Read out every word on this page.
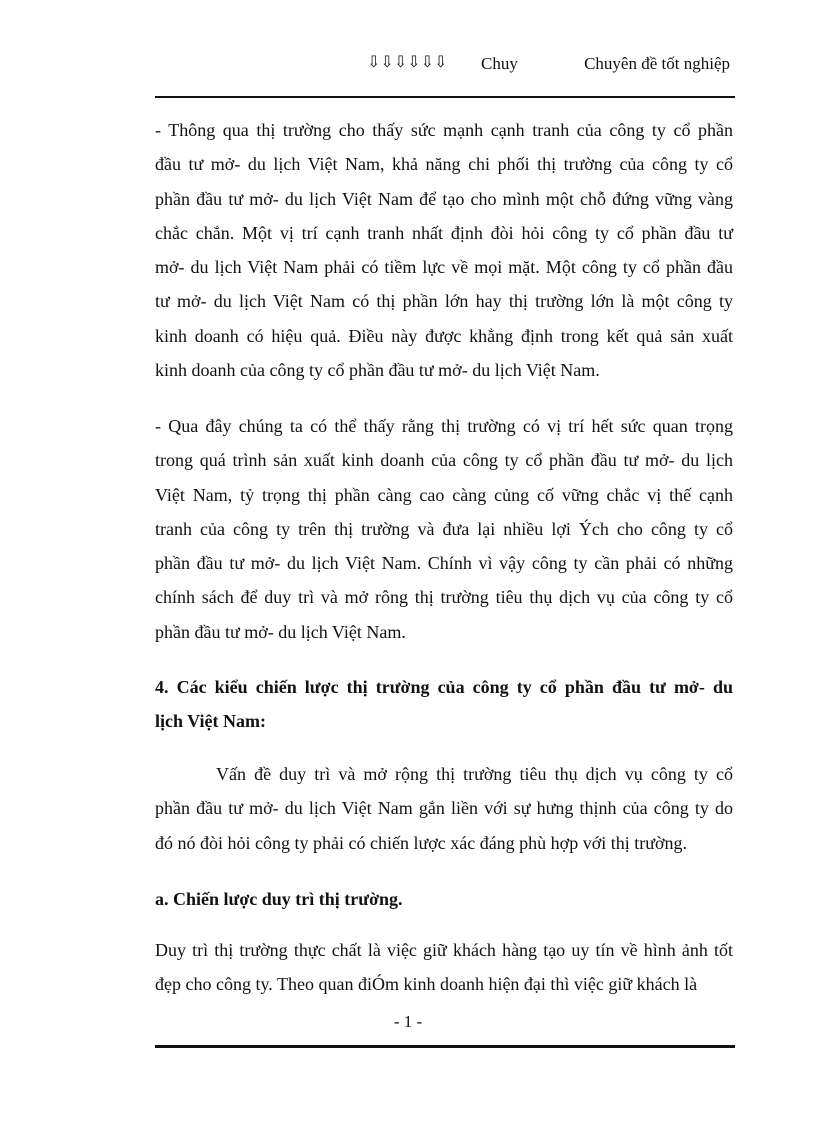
⇩⇩⇩⇩⇩⇩ Chuy	Chuyên đề tốt nghiệp
- Thông qua thị trường cho thấy sức mạnh cạnh tranh của công ty cổ phần
đầu tư mở- du lịch Việt Nam, khả năng chi phối thị trường của công ty cổ
phần đầu tư mở- du lịch Việt Nam để tạo cho mình một chỗ đứng vững vàng
chắc chắn. Một vị trí cạnh tranh nhất định đòi hỏi công ty cổ phần đầu tư
mở- du lịch Việt Nam phải có tiềm lực về mọi mặt. Một công ty cổ phần đầu
tư mở- du lịch Việt Nam có thị phần lớn hay thị trường lớn là một công ty
kinh doanh có hiệu quả. Điều này được khẳng định trong kết quả sản xuất
kinh doanh của công ty cổ phần đầu tư mở- du lịch Việt Nam.
- Qua đây chúng ta có thể thấy rằng thị trường có vị trí hết sức quan trọng
trong quá trình sản xuất kinh doanh của công ty cổ phần đầu tư mở- du lịch
Việt Nam, tỷ trọng thị phần càng cao càng củng cố vững chắc vị thế cạnh
tranh của công ty trên thị trường và đưa lại nhiều lợi Ých cho công ty cổ
phần đầu tư mở- du lịch Việt Nam. Chính vì vậy công ty cần phải có những
chính sách để duy trì và mở rông thị trường tiêu thụ dịch vụ của công ty cổ
phần đầu tư mở- du lịch Việt Nam.
4. Các kiểu chiến lược thị trường của công ty cổ phần đầu tư mở- du
lịch Việt Nam:
Vấn đề duy trì và mở rộng thị trường tiêu thụ dịch vụ công ty cổ
phần đầu tư mở- du lịch Việt Nam gắn liền với sự hưng thịnh của công ty do
đó nó đòi hỏi công ty phải có chiến lược xác đáng phù hợp với thị trường.
a. Chiến lược duy trì thị trường.
Duy trì thị trường thực chất là việc giữ khách hàng tạo uy tín về hình ảnh tốt
đẹp cho công ty. Theo quan điÓm kinh doanh hiện đại thì việc giữ khách là
- 1 -
